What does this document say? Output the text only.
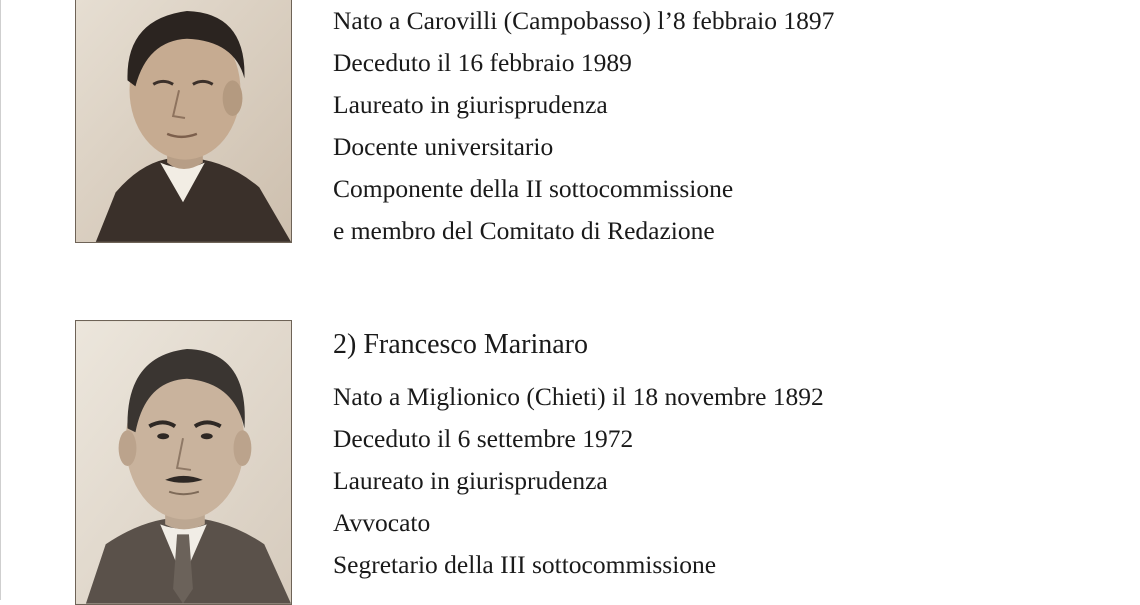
Nato a Carovilli (Campobasso) l’8 febbraio 1897
Deceduto il 16 febbraio 1989
Laureato in giurisprudenza
Docente universitario
Componente della II sottocommissione
e membro del Comitato di Redazione
2) Francesco Marinaro
Nato a Miglionico (Chieti) il 18 novembre 1892
Deceduto il 6 settembre 1972
Laureato in giurisprudenza
Avvocato
Segretario della III sottocommissione
